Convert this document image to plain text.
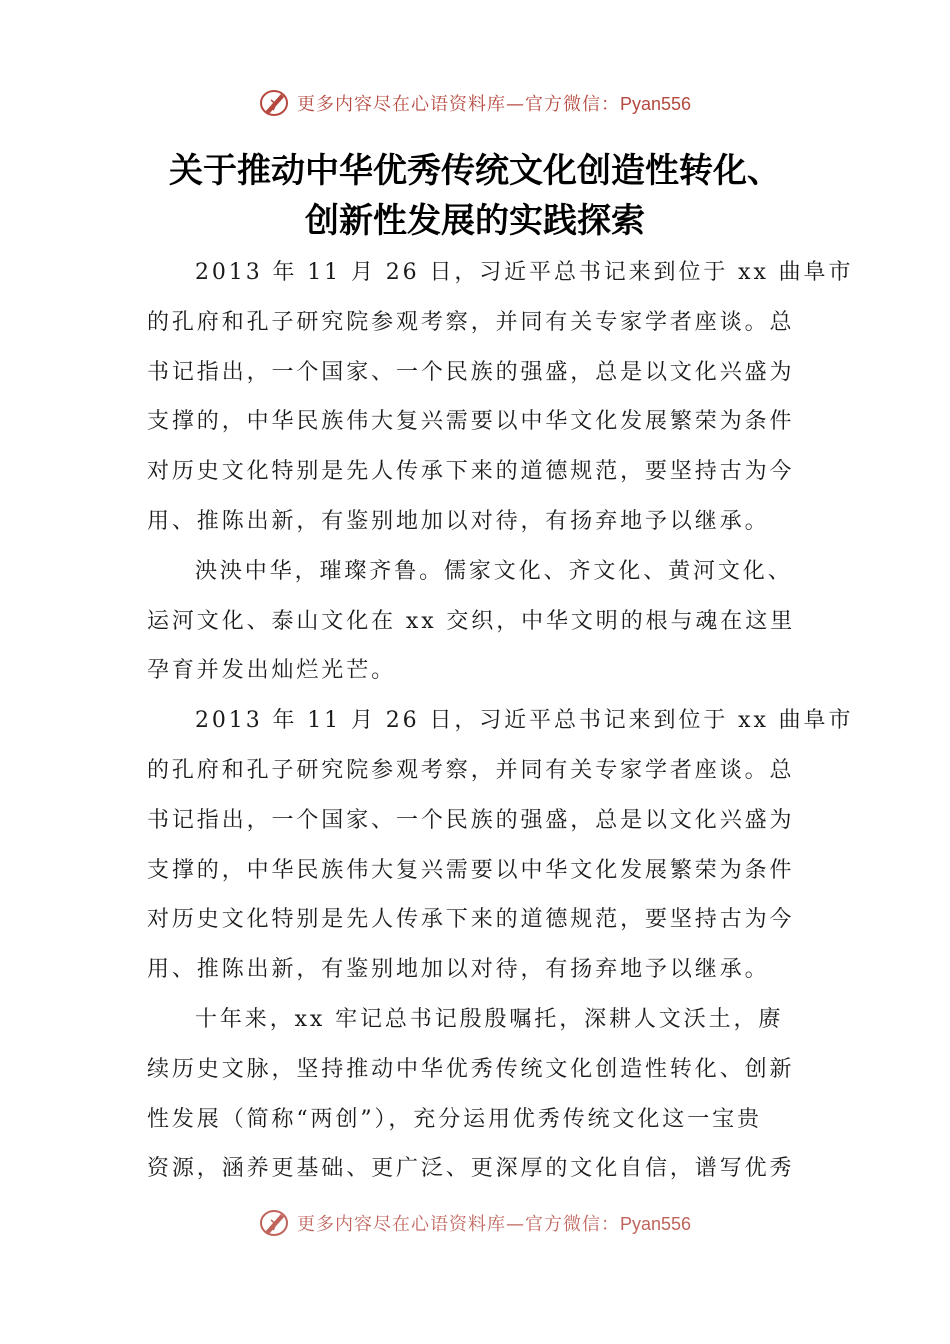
更多内容尽在心语资料库—官方微信：Pyan556
关于推动中华优秀传统文化创造性转化、
创新性发展的实践探索
2013 年 11 月 26 日，习近平总书记来到位于 xx 曲阜市
的孔府和孔子研究院参观考察，并同有关专家学者座谈。总
书记指出，一个国家、一个民族的强盛，总是以文化兴盛为
支撑的，中华民族伟大复兴需要以中华文化发展繁荣为条件
对历史文化特别是先人传承下来的道德规范，要坚持古为今
用、推陈出新，有鉴别地加以对待，有扬弃地予以继承。
泱泱中华，璀璨齐鲁。儒家文化、齐文化、黄河文化、
运河文化、泰山文化在 xx 交织，中华文明的根与魂在这里
孕育并发出灿烂光芒。
2013 年 11 月 26 日，习近平总书记来到位于 xx 曲阜市
的孔府和孔子研究院参观考察，并同有关专家学者座谈。总
书记指出，一个国家、一个民族的强盛，总是以文化兴盛为
支撑的，中华民族伟大复兴需要以中华文化发展繁荣为条件
对历史文化特别是先人传承下来的道德规范，要坚持古为今
用、推陈出新，有鉴别地加以对待，有扬弃地予以继承。
十年来，xx 牢记总书记殷殷嘱托，深耕人文沃土，赓
续历史文脉，坚持推动中华优秀传统文化创造性转化、创新
性发展（简称“两创”），充分运用优秀传统文化这一宝贵
资源，涵养更基础、更广泛、更深厚的文化自信，谱写优秀
更多内容尽在心语资料库—官方微信：Pyan556
